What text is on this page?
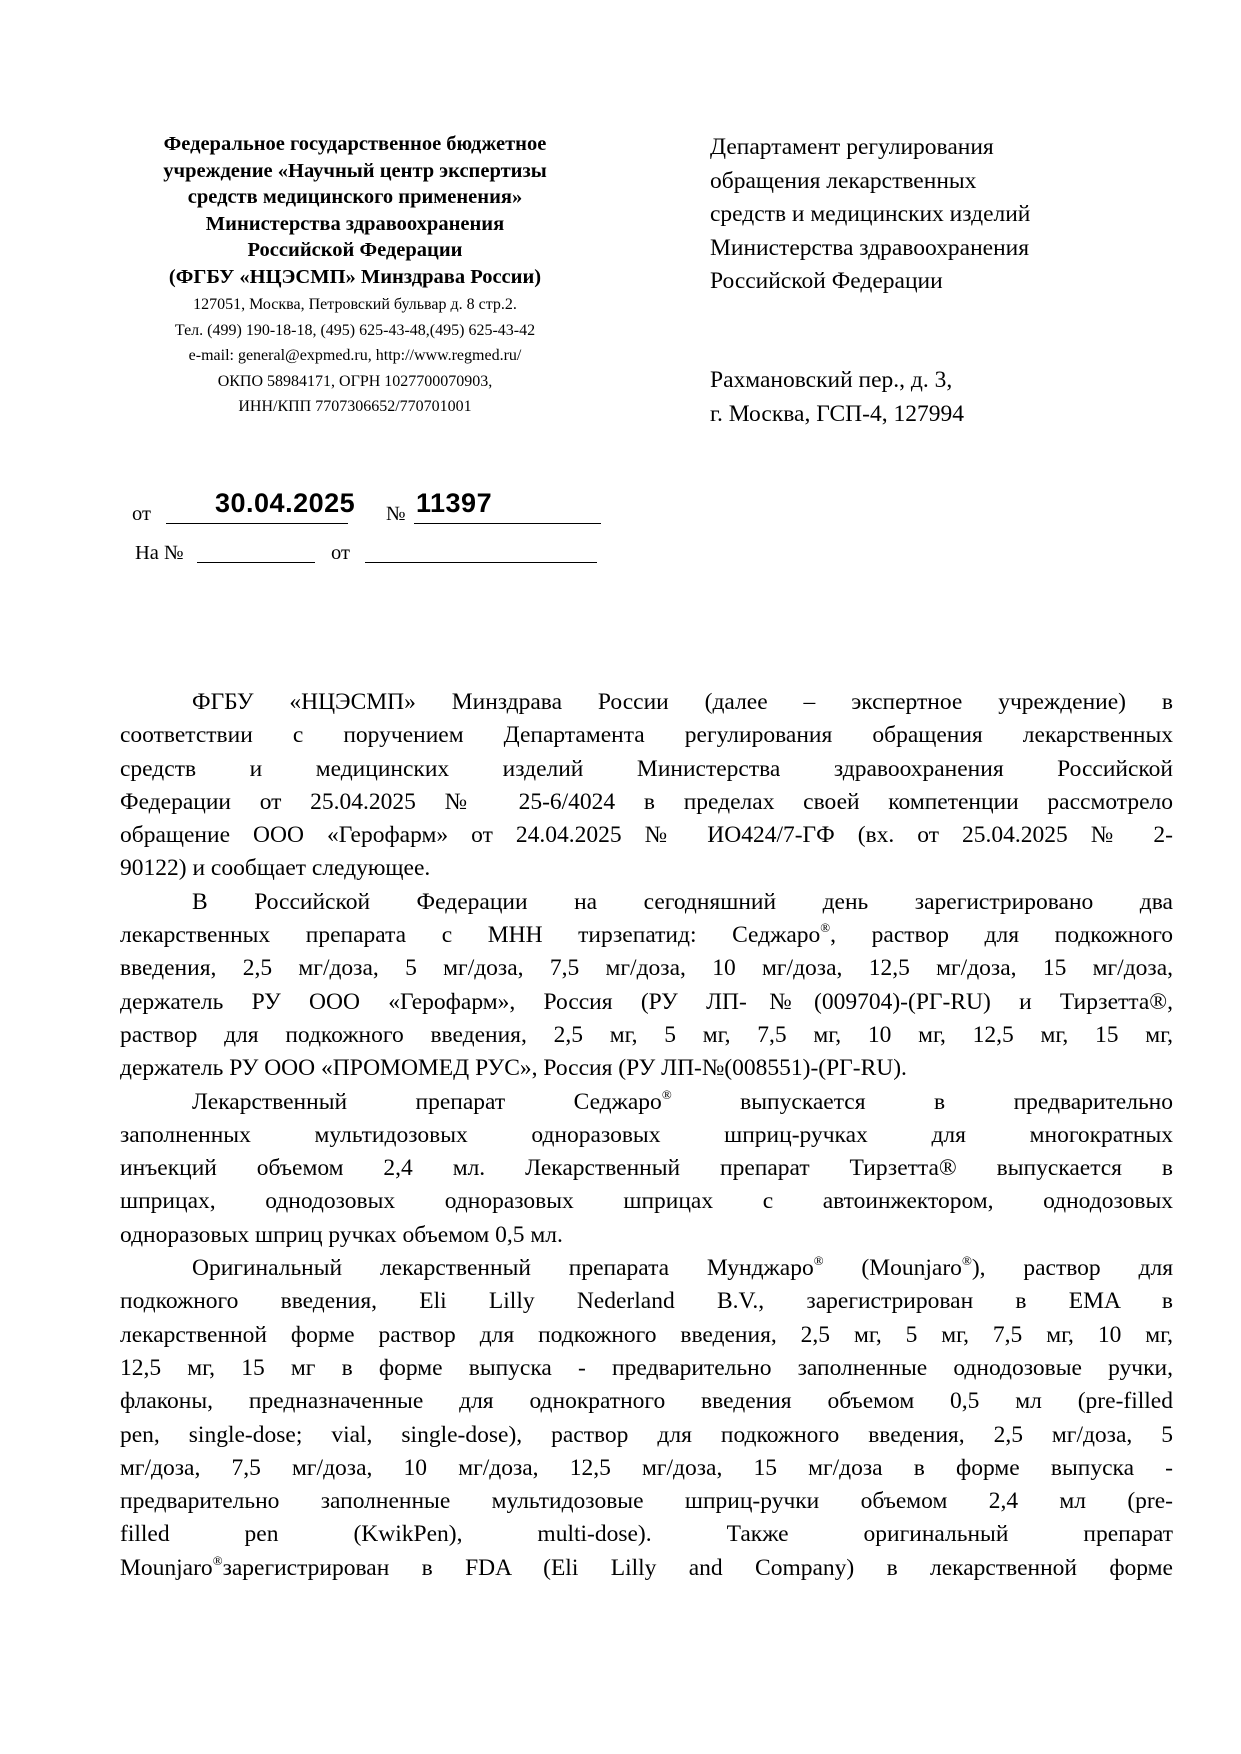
Федеральное государственное бюджетное
учреждение «Научный центр экспертизы
средств медицинского применения»
Министерства здравоохранения
Российской Федерации
(ФГБУ «НЦЭСМП» Минздрава России)
127051, Москва, Петровский бульвар д. 8 стр.2.
Тел. (499) 190-18-18, (495) 625-43-48,(495) 625-43-42
e-mail: general@expmed.ru, http://www.regmed.ru/
ОКПО 58984171, ОГРН 1027700070903,
ИНН/КПП 7707306652/770701001
Департамент регулирования
обращения лекарственных
средств и медицинских изделий
Министерства здравоохранения
Российской Федерации
Рахмановский пер., д. 3,
г. Москва, ГСП-4, 127994
от 30.04.2025 № 11397
На №	от
ФГБУ «НЦЭСМП» Минздрава России (далее – экспертное учреждение) в
соответствии с поручением Департамента регулирования обращения лекарственных
средств и медицинских изделий Министерства здравоохранения Российской
Федерации от 25.04.2025 № 25-6/4024 в пределах своей компетенции рассмотрело
обращение ООО «Герофарм» от 24.04.2025 № ИО424/7-ГФ (вх. от 25.04.2025 № 2-
90122) и сообщает следующее.
В Российской Федерации на сегодняшний день зарегистрировано два
лекарственных препарата с МНН тирзепатид: Седжаро®, раствор для подкожного
введения, 2,5 мг/доза, 5 мг/доза, 7,5 мг/доза, 10 мг/доза, 12,5 мг/доза, 15 мг/доза,
держатель РУ ООО «Герофарм», Россия (РУ ЛП-№(009704)-(РГ-RU) и Тирзетта®,
раствор для подкожного введения, 2,5 мг, 5 мг, 7,5 мг, 10 мг, 12,5 мг, 15 мг,
держатель РУ ООО «ПРОМОМЕД РУС», Россия (РУ ЛП-№(008551)-(РГ-RU).
Лекарственный препарат Седжаро® выпускается в предварительно
заполненных мультидозовых одноразовых шприц-ручках для многократных
инъекций объемом 2,4 мл. Лекарственный препарат Тирзетта® выпускается в
шприцах, однодозовых одноразовых шприцах с автоинжектором, однодозовых
одноразовых шприц ручках объемом 0,5 мл.
Оригинальный лекарственный препарата Мунджаро® (Mounjaro®), раствор для
подкожного введения, Eli Lilly Nederland B.V., зарегистрирован в EMA в
лекарственной форме раствор для подкожного введения, 2,5 мг, 5 мг, 7,5 мг, 10 мг,
12,5 мг, 15 мг в форме выпуска - предварительно заполненные однодозовые ручки,
флаконы, предназначенные для однократного введения объемом 0,5 мл (pre-filled
pen, single-dose; vial, single-dose), раствор для подкожного введения, 2,5 мг/доза, 5
мг/доза, 7,5 мг/доза, 10 мг/доза, 12,5 мг/доза, 15 мг/доза в форме выпуска -
предварительно заполненные мультидозовые шприц-ручки объемом 2,4 мл (pre-
filled pen (KwikPen), multi-dose). Также оригинальный препарат
Mounjaro®зарегистрирован в FDA (Eli Lilly and Company) в лекарственной форме
